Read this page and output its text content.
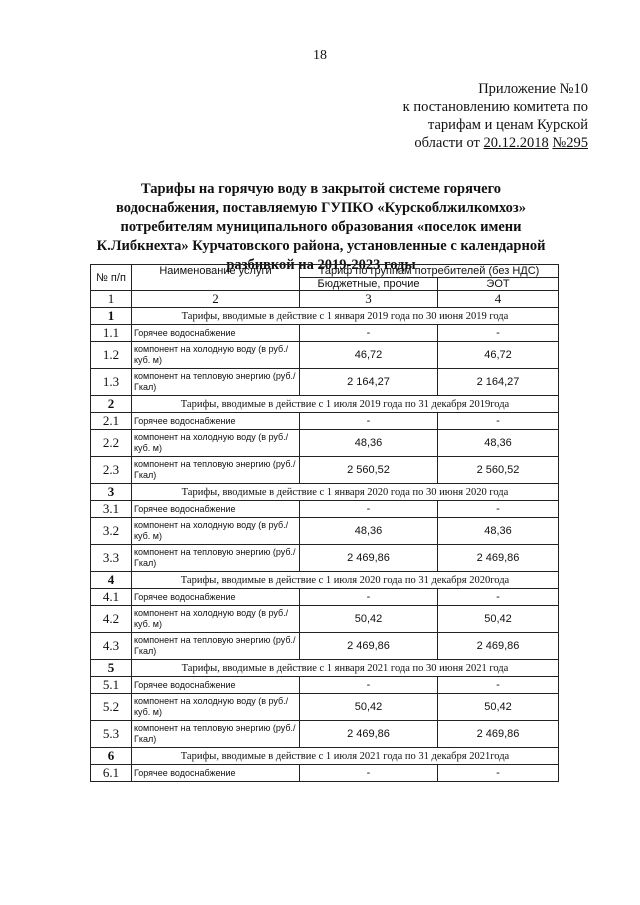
18
Приложение №10
к постановлению комитета по
тарифам и ценам Курской
области от 20.12.2018 №295
Тарифы на горячую воду в закрытой системе горячего
водоснабжения, поставляемую ГУПКО «Курскоблжилкомхоз»
потребителям муниципального образования «поселок имени
К.Либкнехта» Курчатовского района, установленные с календарной
разбивкой на 2019-2023 годы
№ п/п	Наименование услуги	Тариф по группам потребителей (без НДС)	
		Бюджетные, прочие	ЭОТ
1	2	3	4
1	Тарифы, вводимые в действие с 1 января 2019 года по 30 июня 2019 года		
1.1	Горячее водоснабжение	-	-
1.2	компонент на холодную воду (в руб./куб. м)	46,72	46,72
1.3	компонент на тепловую энергию (руб./Гкал)	2 164,27	2 164,27
2	Тарифы, вводимые в действие с 1 июля 2019 года по 31 декабря 2019года		
2.1	Горячее водоснабжение	-	-
2.2	компонент на холодную воду (в руб./куб. м)	48,36	48,36
2.3	компонент на тепловую энергию (руб./Гкал)	2 560,52	2 560,52
3	Тарифы, вводимые в действие с 1 января 2020 года по 30 июня 2020 года		
3.1	Горячее водоснабжение	-	-
3.2	компонент на холодную воду (в руб./куб. м)	48,36	48,36
3.3	компонент на тепловую энергию (руб./Гкал)	2 469,86	2 469,86
4	Тарифы, вводимые в действие с 1 июля 2020 года по 31 декабря 2020года		
4.1	Горячее водоснабжение	-	-
4.2	компонент на холодную воду (в руб./куб. м)	50,42	50,42
4.3	компонент на тепловую энергию (руб./Гкал)	2 469,86	2 469,86
5	Тарифы, вводимые в действие с 1 января 2021 года по 30 июня 2021 года		
5.1	Горячее водоснабжение	-	-
5.2	компонент на холодную воду (в руб./куб. м)	50,42	50,42
5.3	компонент на тепловую энергию (руб./Гкал)	2 469,86	2 469,86
6	Тарифы, вводимые в действие с 1 июля 2021 года по 31 декабря 2021года		
6.1	Горячее водоснабжение	-	-
